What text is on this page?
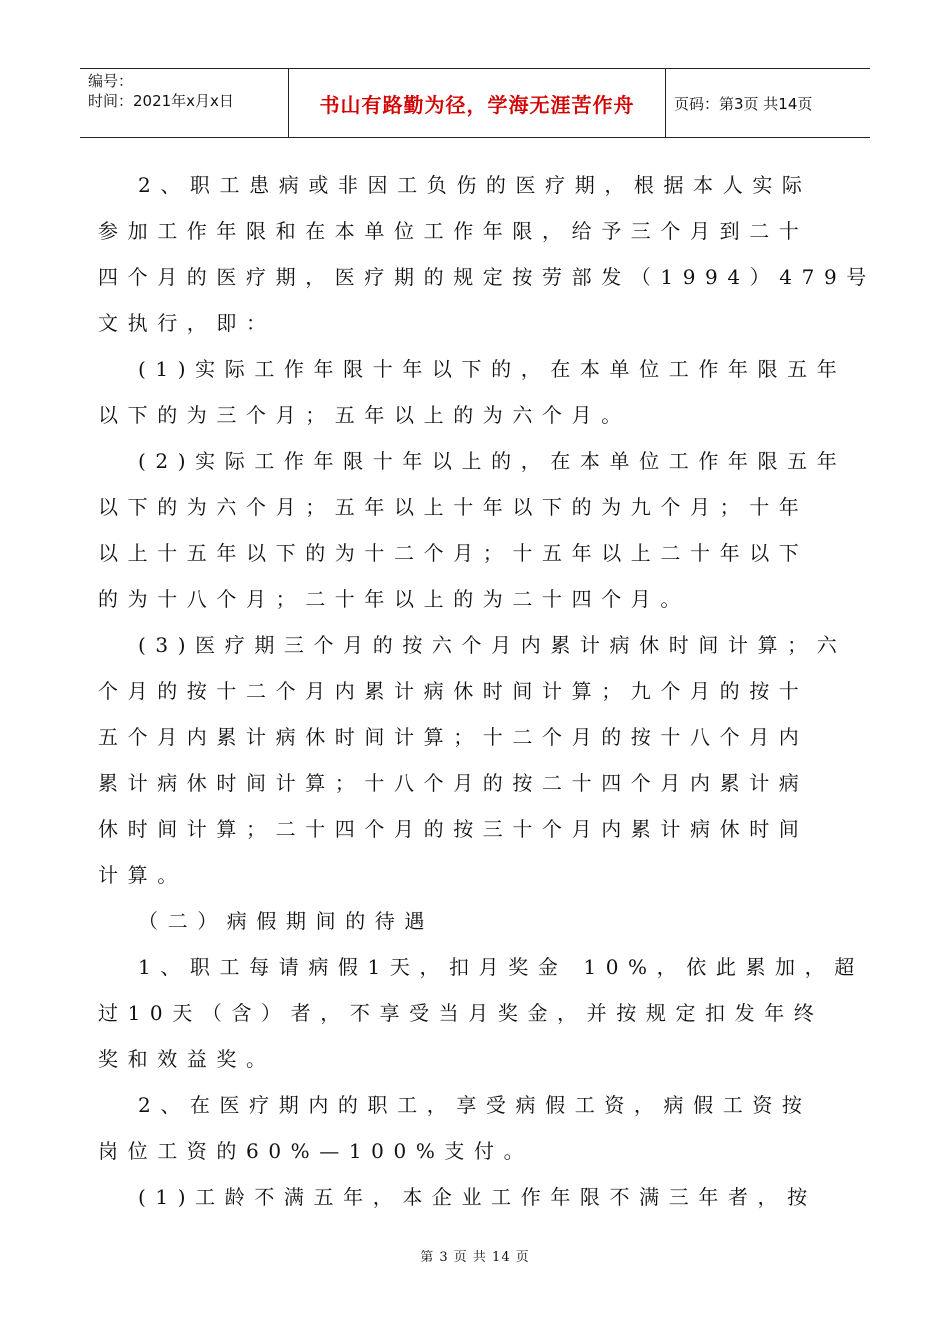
编号：
时间：2021年x月x日	书山有路勤为径，学海无涯苦作舟	页码：第3页 共14页
2、职工患病或非因工负伤的医疗期，根据本人实际
参加工作年限和在本单位工作年限，给予三个月到二十
四个月的医疗期，医疗期的规定按劳部发（1994）479号
文执行，即：
(1)实际工作年限十年以下的，在本单位工作年限五年
以下的为三个月；五年以上的为六个月。
(2)实际工作年限十年以上的，在本单位工作年限五年
以下的为六个月；五年以上十年以下的为九个月；十年
以上十五年以下的为十二个月；十五年以上二十年以下
的为十八个月；二十年以上的为二十四个月。
(3)医疗期三个月的按六个月内累计病休时间计算；六
个月的按十二个月内累计病休时间计算；九个月的按十
五个月内累计病休时间计算；十二个月的按十八个月内
累计病休时间计算；十八个月的按二十四个月内累计病
休时间计算；二十四个月的按三十个月内累计病休时间
计算。
（二）病假期间的待遇
1、职工每请病假1天，扣月奖金 10%，依此累加，超
过10天（含）者，不享受当月奖金，并按规定扣发年终
奖和效益奖。
2、在医疗期内的职工，享受病假工资，病假工资按
岗位工资的60%—100%支付。
(1)工龄不满五年，本企业工作年限不满三年者，按
第 3 页 共 14 页
